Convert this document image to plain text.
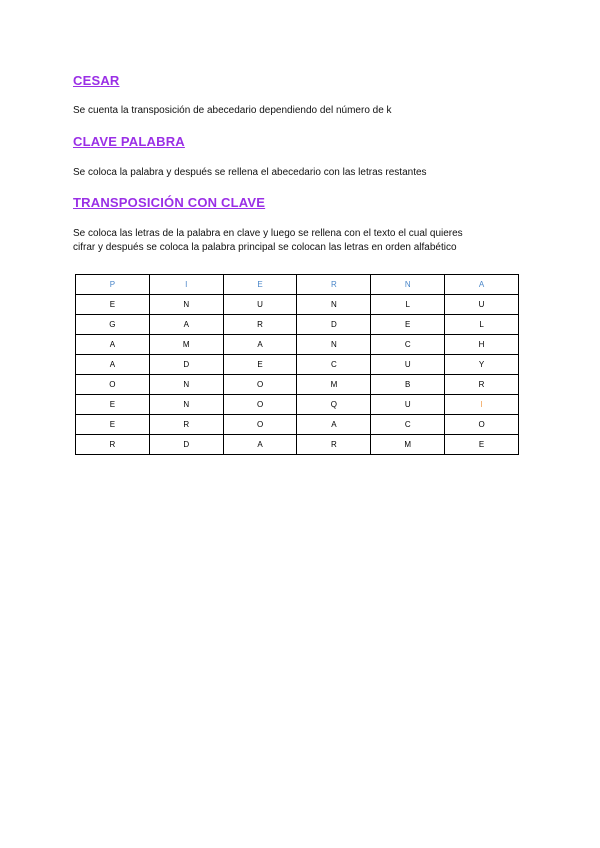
CESAR

Se cuenta la transposición de abecedario dependiendo del número de k

CLAVE PALABRA

Se coloca la palabra y después se rellena el abecedario con las letras restantes

TRANSPOSICIÓN CON CLAVE

Se coloca las letras de la palabra en clave y luego se rellena con el texto el cual quieres

cifrar y después se coloca la palabra principal se colocan las letras en orden alfabético

P	I	E	R	N	A
E	N	U	N	L	U
G	A	R	D	E	L
A	M	A	N	C	H
A	D	E	C	U	Y
O	N	O	M	B	R
E	N	O	Q	U	I
E	R	O	A	C	O
R	D	A	R	M	E
